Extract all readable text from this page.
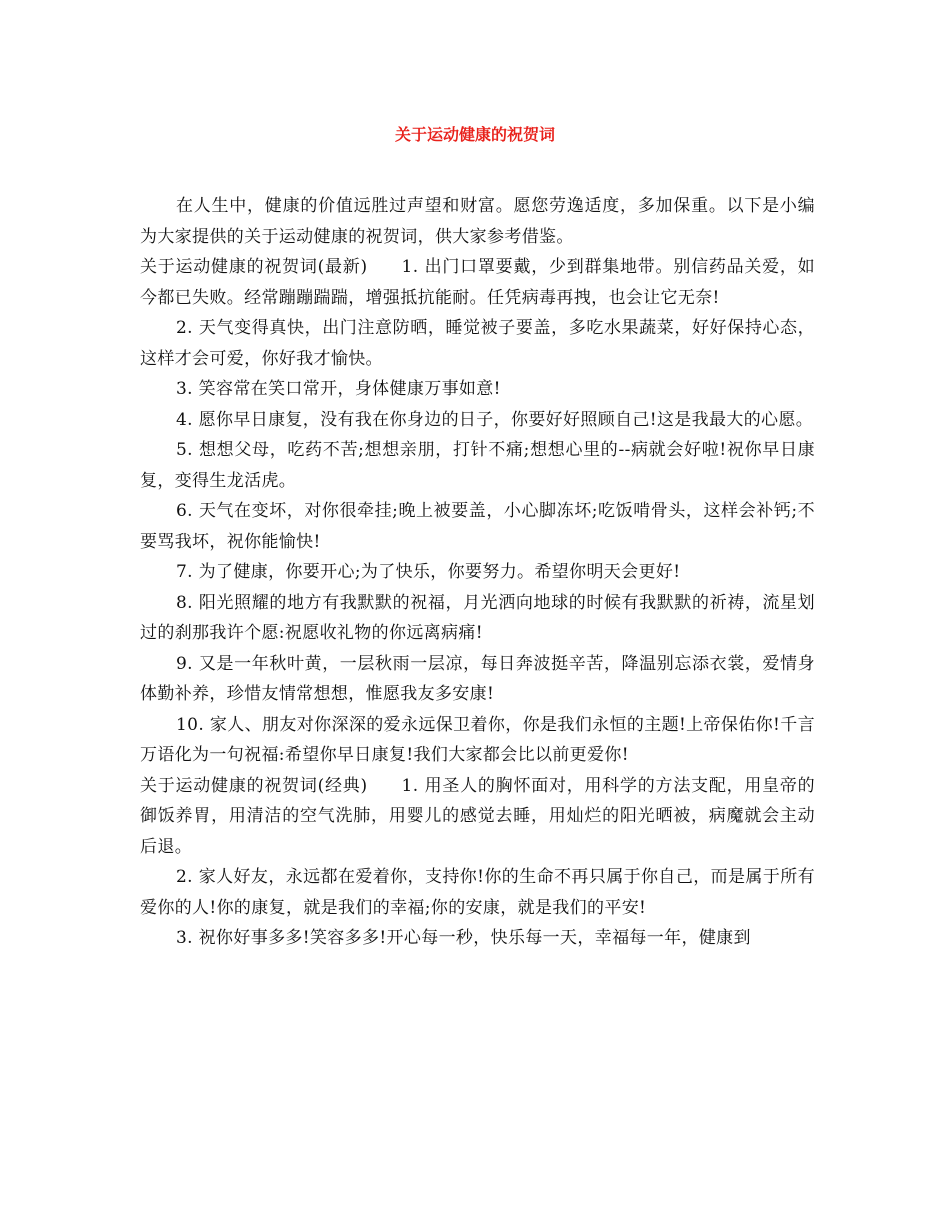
关于运动健康的祝贺词

在人生中，健康的价值远胜过声望和财富。愿您劳逸适度，多加保重。以下是小编为大家提供的关于运动健康的祝贺词，供大家参考借鉴。

关于运动健康的祝贺词(最新) 1. 出门口罩要戴，少到群集地带。别信药品关爱，如今都已失败。经常蹦蹦踹踹，增强抵抗能耐。任凭病毒再拽，也会让它无奈!

2. 天气变得真快，出门注意防晒，睡觉被子要盖，多吃水果蔬菜，好好保持心态，这样才会可爱，你好我才愉快。

3. 笑容常在笑口常开，身体健康万事如意!

4. 愿你早日康复，没有我在你身边的日子，你要好好照顾自己!这是我最大的心愿。

5. 想想父母，吃药不苦;想想亲朋，打针不痛;想想心里的--病就会好啦!祝你早日康复，变得生龙活虎。

6. 天气在变坏，对你很牵挂;晚上被要盖，小心脚冻坏;吃饭啃骨头，这样会补钙;不要骂我坏，祝你能愉快!

7. 为了健康，你要开心;为了快乐，你要努力。希望你明天会更好!

8. 阳光照耀的地方有我默默的祝福，月光洒向地球的时候有我默默的祈祷，流星划过的刹那我许个愿:祝愿收礼物的你远离病痛!

9. 又是一年秋叶黄，一层秋雨一层凉，每日奔波挺辛苦，降温别忘添衣裳，爱情身体勤补养，珍惜友情常想想，惟愿我友多安康!

10. 家人、朋友对你深深的爱永远保卫着你，你是我们永恒的主题!上帝保佑你!千言万语化为一句祝福:希望你早日康复!我们大家都会比以前更爱你!

关于运动健康的祝贺词(经典) 1. 用圣人的胸怀面对，用科学的方法支配，用皇帝的御饭养胃，用清洁的空气洗肺，用婴儿的感觉去睡，用灿烂的阳光晒被，病魔就会主动后退。

2. 家人好友，永远都在爱着你，支持你!你的生命不再只属于你自己，而是属于所有爱你的人!你的康复，就是我们的幸福;你的安康，就是我们的平安!

3. 祝你好事多多!笑容多多!开心每一秒，快乐每一天，幸福每一年，健康到
